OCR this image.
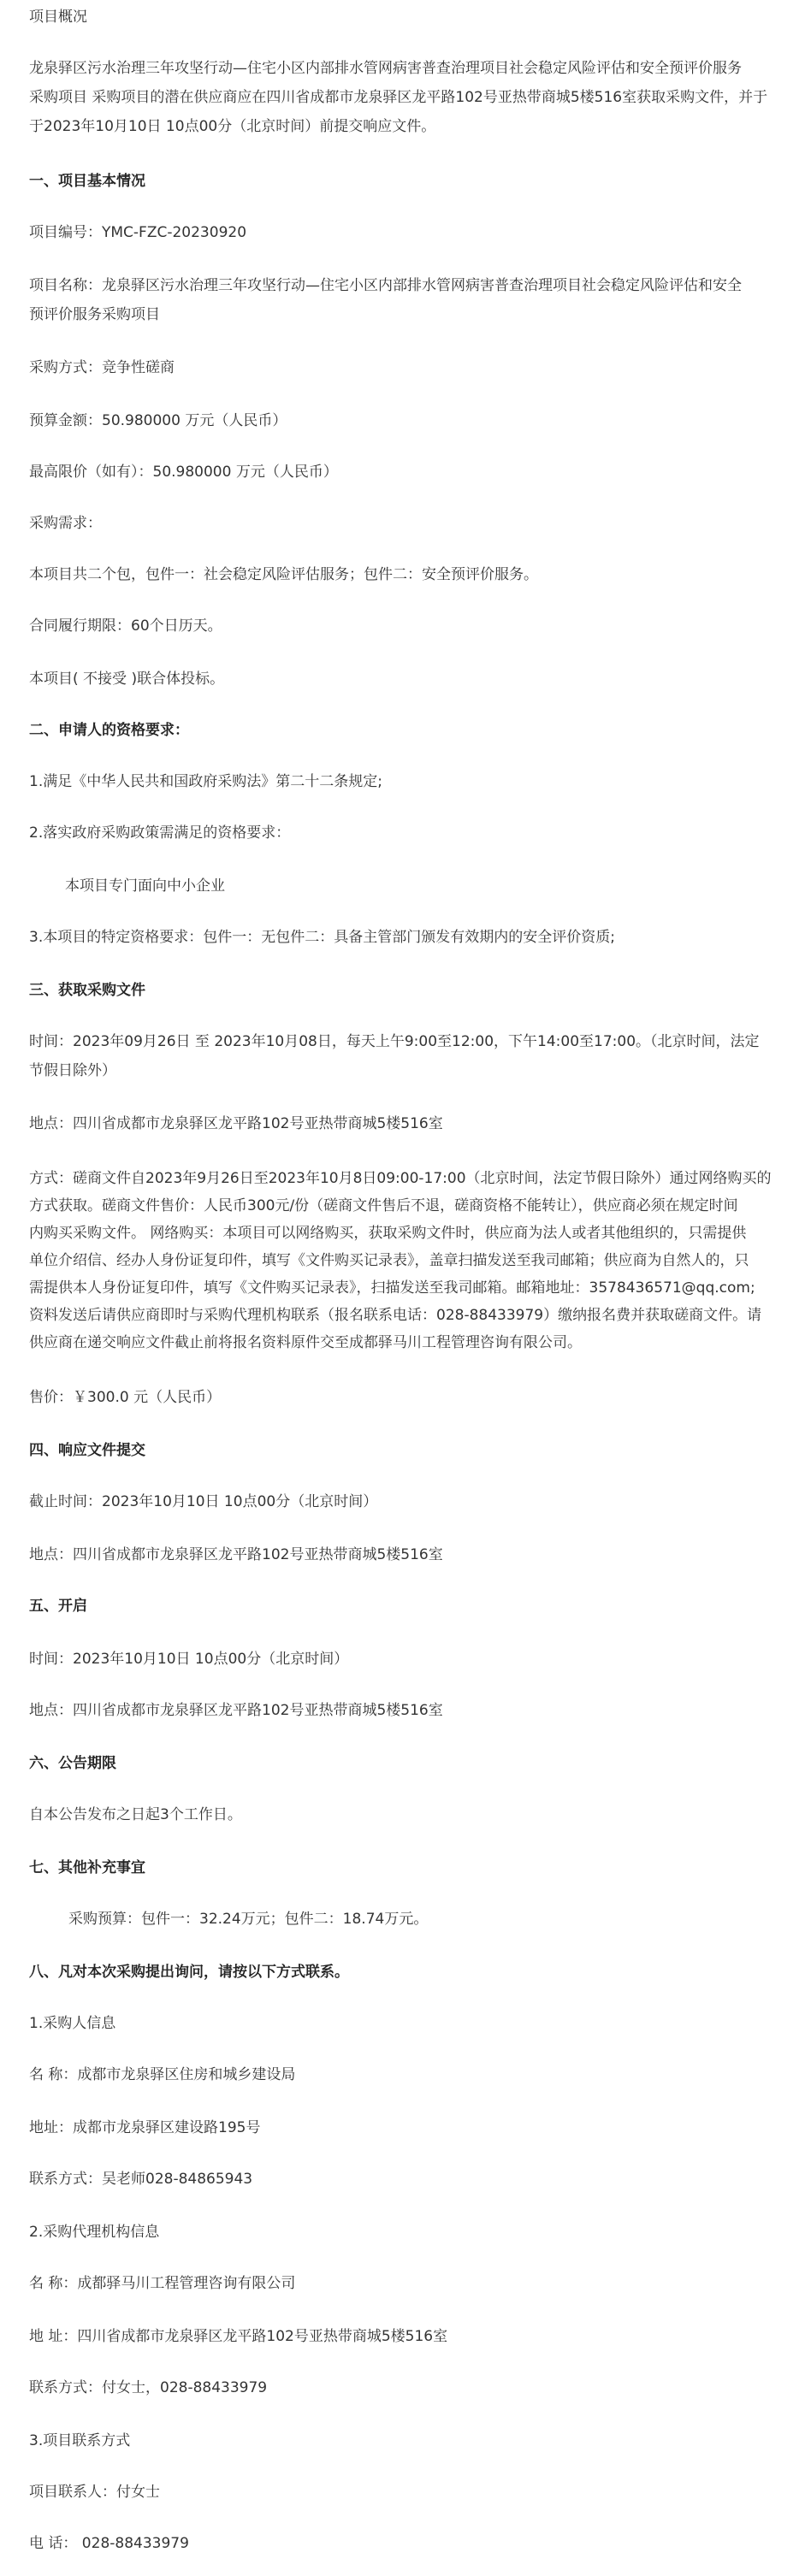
项目概况
龙泉驿区污水治理三年攻坚行动—住宅小区内部排水管网病害普查治理项目社会稳定风险评估和安全预评价服务
采购项目 采购项目的潜在供应商应在四川省成都市龙泉驿区龙平路102号亚热带商城5楼516室获取采购文件，并于
于2023年10月10日 10点00分（北京时间）前提交响应文件。
一、项目基本情况
项目编号：YMC-FZC-20230920
项目名称：龙泉驿区污水治理三年攻坚行动—住宅小区内部排水管网病害普查治理项目社会稳定风险评估和安全
预评价服务采购项目
采购方式：竞争性磋商
预算金额：50.980000 万元（人民币）
最高限价（如有）：50.980000 万元（人民币）
采购需求：
本项目共二个包，包件一：社会稳定风险评估服务；包件二：安全预评价服务。
合同履行期限：60个日历天。
本项目( 不接受 )联合体投标。
二、申请人的资格要求：
1.满足《中华人民共和国政府采购法》第二十二条规定;
2.落实政府采购政策需满足的资格要求：
本项目专门面向中小企业
3.本项目的特定资格要求：包件一：无包件二：具备主管部门颁发有效期内的安全评价资质;
三、获取采购文件
时间：2023年09月26日 至 2023年10月08日，每天上午9:00至12:00，下午14:00至17:00。（北京时间，法定
节假日除外）
地点：四川省成都市龙泉驿区龙平路102号亚热带商城5楼516室
方式：磋商文件自2023年9月26日至2023年10月8日09:00-17:00（北京时间，法定节假日除外）通过网络购买的
方式获取。磋商文件售价：人民币300元/份（磋商文件售后不退，磋商资格不能转让），供应商必须在规定时间
内购买采购文件。 网络购买：本项目可以网络购买，获取采购文件时，供应商为法人或者其他组织的，只需提供
单位介绍信、经办人身份证复印件，填写《文件购买记录表》，盖章扫描发送至我司邮箱；供应商为自然人的，只
需提供本人身份证复印件，填写《文件购买记录表》，扫描发送至我司邮箱。邮箱地址：3578436571@qq.com;
资料发送后请供应商即时与采购代理机构联系（报名联系电话：028-88433979）缴纳报名费并获取磋商文件。请
供应商在递交响应文件截止前将报名资料原件交至成都驿马川工程管理咨询有限公司。
售价：￥300.0 元（人民币）
四、响应文件提交
截止时间：2023年10月10日 10点00分（北京时间）
地点：四川省成都市龙泉驿区龙平路102号亚热带商城5楼516室
五、开启
时间：2023年10月10日 10点00分（北京时间）
地点：四川省成都市龙泉驿区龙平路102号亚热带商城5楼516室
六、公告期限
自本公告发布之日起3个工作日。
七、其他补充事宜
采购预算：包件一：32.24万元；包件二：18.74万元。
八、凡对本次采购提出询问，请按以下方式联系。
1.采购人信息
名 称：成都市龙泉驿区住房和城乡建设局
地址：成都市龙泉驿区建设路195号
联系方式：吴老师028-84865943
2.采购代理机构信息
名 称：成都驿马川工程管理咨询有限公司
地 址：四川省成都市龙泉驿区龙平路102号亚热带商城5楼516室
联系方式：付女士，028-88433979
3.项目联系方式
项目联系人：付女士
电 话： 028-88433979
